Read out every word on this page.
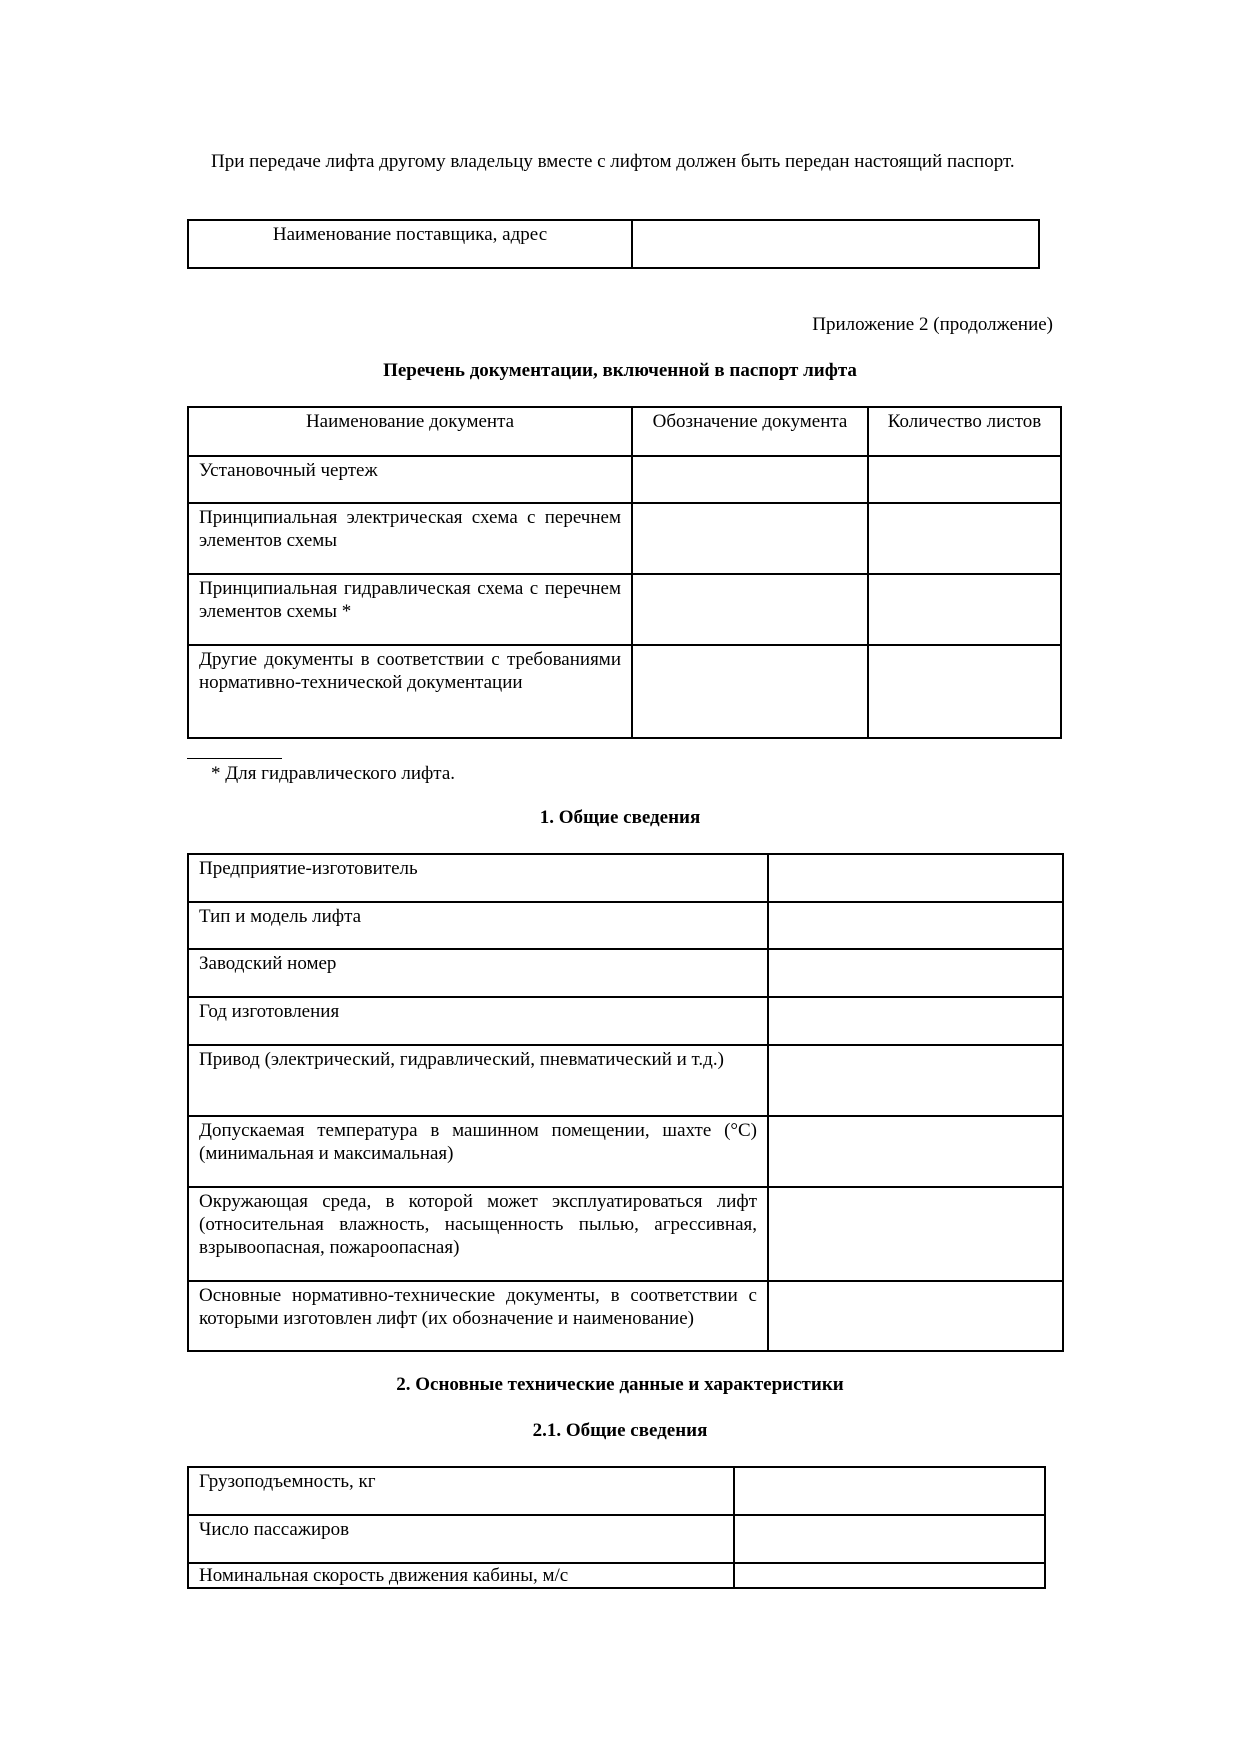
При передаче лифта другому владельцу вместе с лифтом должен быть передан настоящий паспорт.
Наименование поставщика, адрес	
Приложение 2 (продолжение)
Перечень документации, включенной в паспорт лифта
Наименование документа	Обозначение документа	Количество листов
Установочный чертеж		
Принципиальная электрическая схема с перечнем элементов схемы		
Принципиальная гидравлическая схема с перечнем элементов схемы *		
Другие документы в соответствии с требованиями нормативно-технической документации		
* Для гидравлического лифта.
1. Общие сведения
Предприятие-изготовитель	
Тип и модель лифта	
Заводский номер	
Год изготовления	
Привод (электрический, гидравлический, пневматический и т.д.)	
Допускаемая температура в машинном помещении, шахте (°C) (минимальная и максимальная)	
Окружающая среда, в которой может эксплуатироваться лифт (относительная влажность, насыщенность пылью, агрессивная, взрывоопасная, пожароопасная)	
Основные нормативно-технические документы, в соответствии с которыми изготовлен лифт (их обозначение и наименование)	
2. Основные технические данные и характеристики
2.1. Общие сведения
Грузоподъемность, кг	
Число пассажиров	
Номинальная скорость движения кабины, м/с	
